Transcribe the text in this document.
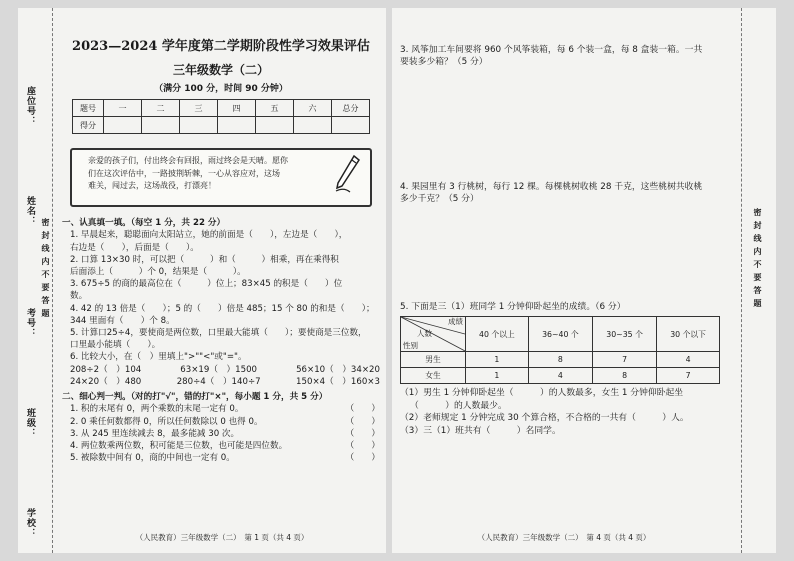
座位号：
姓名：
考号：
班级：
学校：
密封线内不要答题
2023—2024 学年度第二学期阶段性学习效果评估
三年级数学（二）
（满分 100 分，时间 90 分钟）
题号	一	二	三	四	五	六	总分
得分							
亲爱的孩子们，付出终会有回报，雨过终会是天晴。愿你
们在这次评估中，一路披荆斩棘，一心从容应对，这场
难关，闯过去，这场战役，打漂亮！
一、认真填一填。（每空 1 分，共 22 分）

1. 早晨起来，聪聪面向太阳站立，她的前面是（　　），左边是（　　），

右边是（　　），后面是（　　）。

2. 口算 13×30 时，可以把（　　　）和（　　　）相乘，再在乘得积

后面添上（　　　）个 0，结果是（　　　）。

3. 675÷5 的商的最高位在（　　　）位上；83×45 的积是（　　）位

数。

4. 42 的 13 倍是（　　）；5 的（　　）倍是 485；15 个 80 的和是（　　）；

344 里面有（　　）个 8。

5. 计算口25÷4，要使商是两位数，口里最大能填（　　）；要使商是三位数，

口里最小能填（　　）。

6. 比较大小，在（　）里填上">""<"或"="。

208÷2（　）104	63×19（　）1500	56×10（　）34×20
24×20（　）480	280÷4（　）140÷7	150×4（　）160×3
二、细心判一判。（对的打"√"，错的打"×"，每小题 1 分，共 5 分）
1. 积的末尾有 0，两个乘数的末尾一定有 0。	（　　）
2. 0 乘任何数都得 0，所以任何数除以 0 也得 0。	（　　）
3. 从 245 里连续减去 8，最多能减 30 次。	（　　）
4. 两位数乘两位数，积可能是三位数，也可能是四位数。	（　　）
5. 被除数中间有 0，商的中间也一定有 0。	（　　）
（人民教育）三年级数学（二）　第 1 页（共 4 页）
密封线内不要答题

3. 风筝加工车间要将 960 个风筝装箱，每 6 个装一盒，每 8 盒装一箱。一共

要装多少箱？（5 分）

4. 果园里有 3 行桃树，每行 12 棵。每棵桃树收桃 28 千克，这些桃树共收桃

多少千克？（5 分）

5. 下面是三（1）班同学 1 分钟仰卧起坐的成绩。（6 分）

成绩
人数
性别	40 个以上	36~40 个	30~35 个	30 个以下
男生	1	8	7	4
女生	1	4	8	7

（1）男生 1 分钟仰卧起坐（　　　）的人数最多，女生 1 分钟仰卧起坐

（　　　）的人数最少。

（2）老师规定 1 分钟完成 30 个算合格，不合格的一共有（　　　）人。

（3）三（1）班共有（　　　）名同学。

（人民教育）三年级数学（二）　第 4 页（共 4 页）
